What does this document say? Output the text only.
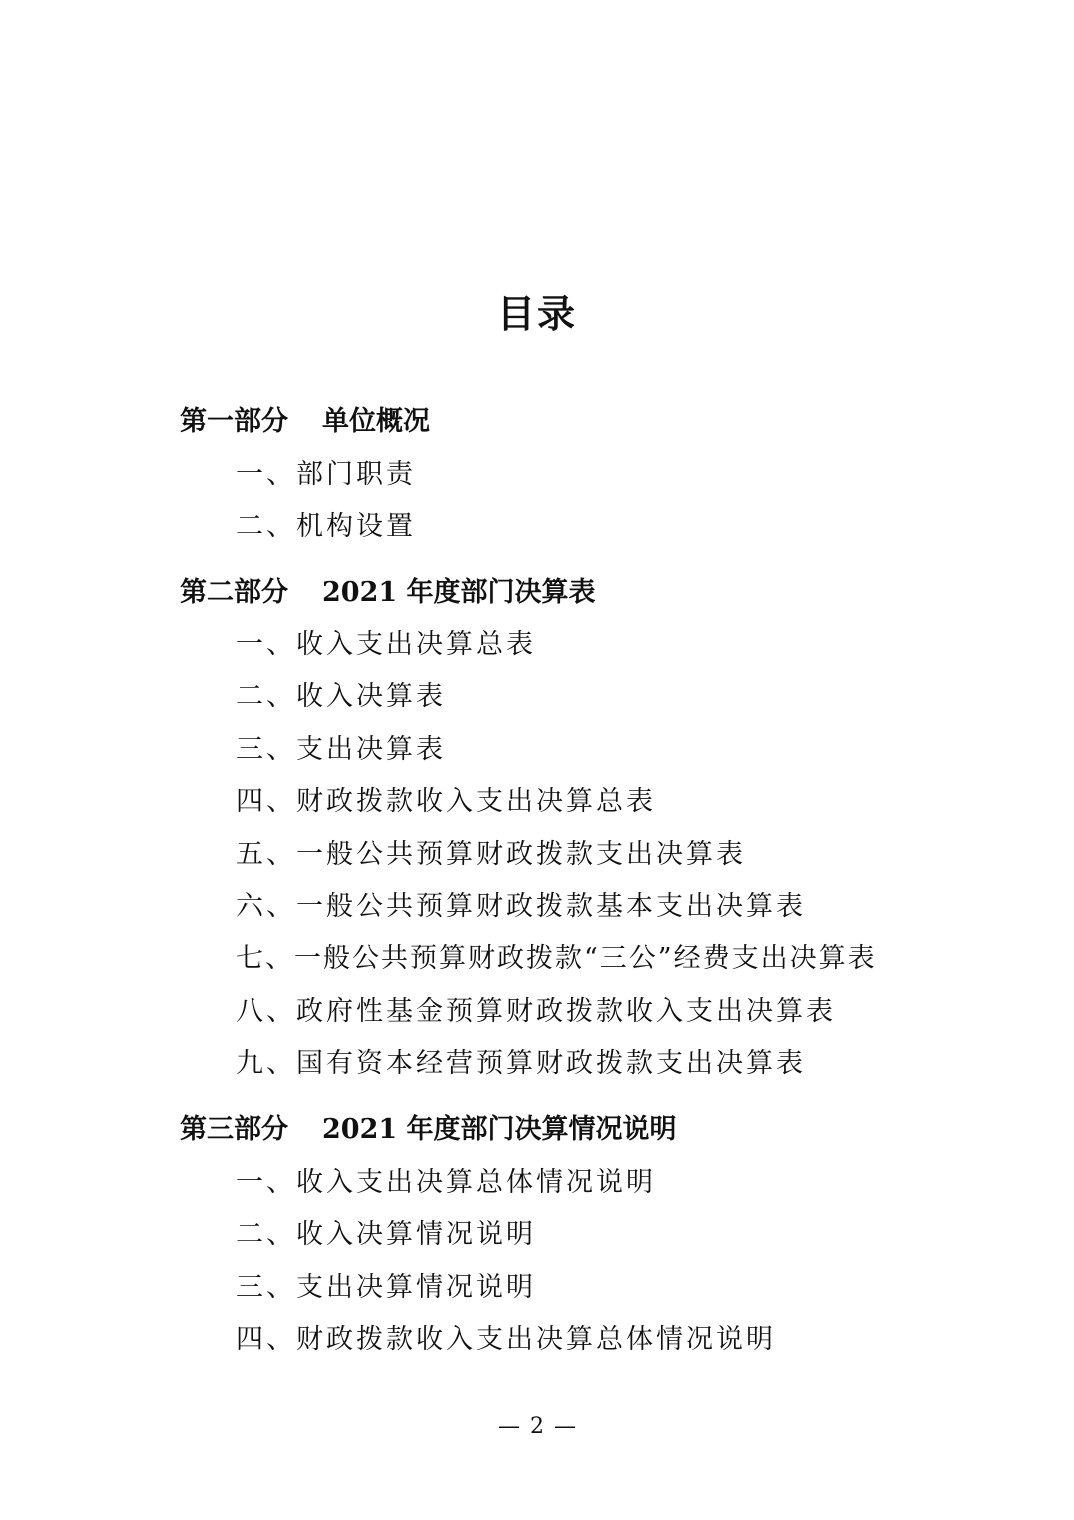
目录
第一部分 单位概况
一、部门职责
二、机构设置
第二部分 2021 年度部门决算表
一、收入支出决算总表
二、收入决算表
三、支出决算表
四、财政拨款收入支出决算总表
五、一般公共预算财政拨款支出决算表
六、一般公共预算财政拨款基本支出决算表
七、一般公共预算财政拨款“三公”经费支出决算表
八、政府性基金预算财政拨款收入支出决算表
九、国有资本经营预算财政拨款支出决算表
第三部分 2021 年度部门决算情况说明
一、收入支出决算总体情况说明
二、收入决算情况说明
三、支出决算情况说明
四、财政拨款收入支出决算总体情况说明
— 2 —
